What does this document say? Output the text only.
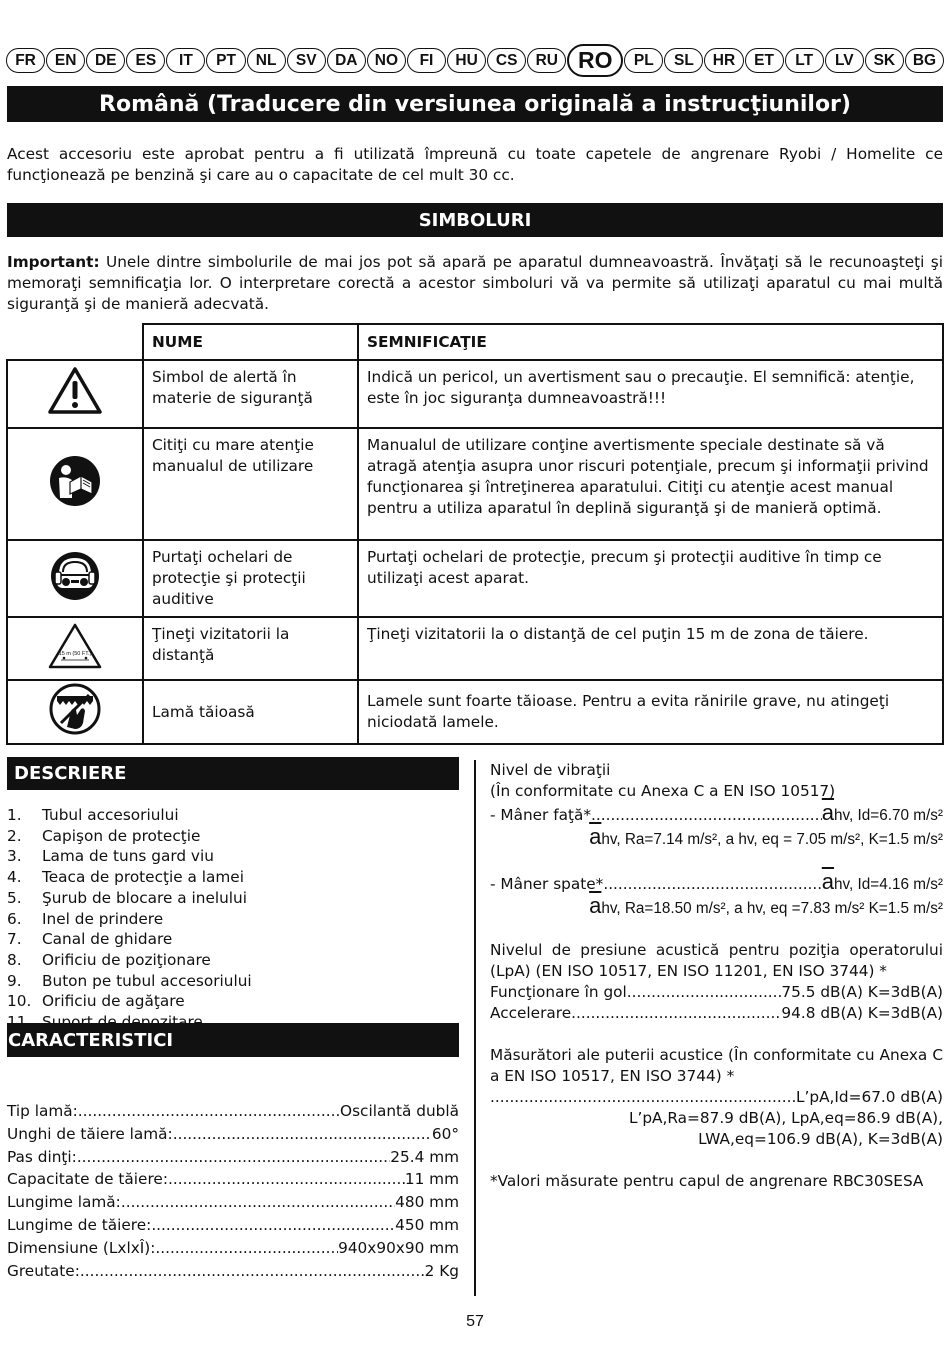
FR	EN	DE	ES	IT	PT	NL	SV	DA	NO	FI	HU	CS	RU RO	PL	SL	HR	ET	LT	LV	SK	BG
Română (Traducere din versiunea originală a instrucţiunilor)

Acest accesoriu este aprobat pentru a fi utilizată împreună cu toate capetele de angrenare Ryobi / Homelite ce funcţionează pe benzină şi care au o capacitate de cel mult 30 cc.

SIMBOLURI

Important: Unele dintre simbolurile de mai jos pot să apară pe aparatul dumneavoastră. Învăţaţi să le recunoaşteţi şi memoraţi semnificaţia lor. O interpretare corectă a acestor simboluri vă va permite să utilizaţi aparatul cu mai multă siguranţă şi de manieră adecvată.

	NUME	SEMNIFICAŢIE
	Simbol de alertă în materie de siguranţă	Indică un pericol, un avertisment sau o precauţie. El semnifică: atenţie, este în joc siguranţa dumneavoastră!!!
	Citiţi cu mare atenţie manualul de utilizare	Manualul de utilizare conţine avertismente speciale destinate să vă atragă atenţia asupra unor riscuri potenţiale, precum şi informaţii privind funcţionarea şi întreţinerea aparatului. Citiţi cu atenţie acest manual pentru a utiliza aparatul în deplină siguranţă şi de manieră optimă.
	Purtaţi ochelari de protecţie şi protecţii auditive	Purtaţi ochelari de protecţie, precum şi protecţii auditive în timp ce utilizaţi acest aparat.

15 m (50 FT.)	Ţineţi vizitatorii la distanţă	Ţineţi vizitatorii la o distanţă de cel puţin 15 m de zona de tăiere.
	Lamă tăioasă	Lamele sunt foarte tăioase. Pentru a evita rănirile grave, nu atingeţi niciodată lamele.
DESCRIERE
1.	Tubul accesoriului
2.	Capişon de protecţie
3.	Lama de tuns gard viu
4.	Teaca de protecţie a lamei
5.	Şurub de blocare a inelului
6.	Inel de prindere
7.	Canal de ghidare
8.	Orificiu de poziţionare
9.	Buton pe tubul accesoriului
10. Orificiu de agăţare
CARACTERISTICI
Tip lamă: .....	Oscilantă dublă
Unghi de tăiere lamă: .....	60°
Pas dinţi: .....	25.4 mm
Capacitate de tăiere: .....	11 mm
Lungime lamă: .....	480 mm
Lungime de tăiere: .....	450 mm
Dimensiune (LxlxÎ): .....	940x90x90 mm
Greutate: .....	2 Kg
Nivel de vibraţii
(În conformitate cu Anexa C a EN ISO 10517)
- Mâner faţă* .....	$\overline{a}hv$, Id=6.70 m/s²
$\overline{a}hv$, Ra=7.14 m/s², a hv, eq = 7.05 m/s², K=1.5 m/s²
- Mâner spate* .....	$\overline{a}hv$, Id=4.16 m/s²
$\overline{a}hv$, Ra=18.50 m/s², a hv, eq =7.83 m/s² K=1.5 m/s²
Nivelul de presiune acustică pentru poziţia operatorului (LpA) (EN ISO 10517, EN ISO 11201, EN ISO 3744) *
Funcţionare în gol .....	75.5 dB(A) K=3dB(A)
Accelerare .....	94.8 dB(A) K=3dB(A)
Măsurători ale puterii acustice (În conformitate cu Anexa C a EN ISO 10517, EN ISO 3744) *
.....
L’pA,Id=67.0 dB(A)
L’pA,Ra=87.9 dB(A), LpA,eq=86.9 dB(A),
LWA,eq=106.9 dB(A), K=3dB(A)
*Valori măsurate pentru capul de angrenare RBC30SESA
57
